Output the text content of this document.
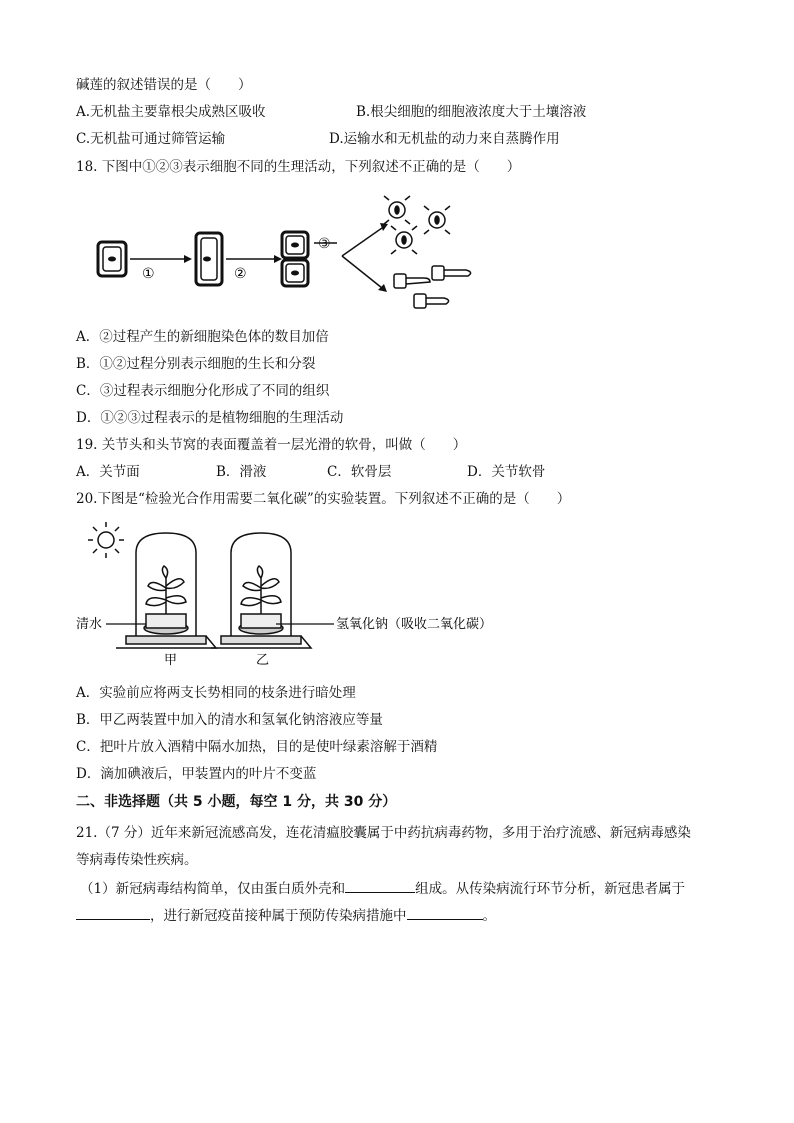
碱莲的叙述错误的是（　　）
A.无机盐主要靠根尖成熟区吸收	B.根尖细胞的细胞液浓度大于土壤溶液
C.无机盐可通过筛管运输	D.运输水和无机盐的动力来自蒸腾作用
18. 下图中①②③表示细胞不同的生理活动，下列叙述不正确的是（　　）
①	②
③
A．②过程产生的新细胞染色体的数目加倍
B．①②过程分别表示细胞的生长和分裂
C．③过程表示细胞分化形成了不同的组织
D．①②③过程表示的是植物细胞的生理活动
19. 关节头和头节窝的表面覆盖着一层光滑的软骨，叫做（　　）
A．关节面	B．滑液	C．软骨层	D．关节软骨
20.下图是“检验光合作用需要二氧化碳”的实验装置。下列叙述不正确的是（　　）
清水	氢氧化钠（吸收二氧化碳）
甲	乙
A．实验前应将两支长势相同的枝条进行暗处理
B．甲乙两装置中加入的清水和氢氧化钠溶液应等量
C．把叶片放入酒精中隔水加热，目的是使叶绿素溶解于酒精
D．滴加碘液后，甲装置内的叶片不变蓝
二、非选择题（共 5 小题，每空 1 分，共 30 分）
21.（7 分）近年来新冠流感高发，连花清瘟胶囊属于中药抗病毒药物，多用于治疗流感、新冠病毒感染
等病毒传染性疾病。
（1）新冠病毒结构简单，仅由蛋白质外壳和	组成。从传染病流行环节分析，新冠患者属于
，进行新冠疫苗接种属于预防传染病措施中	。
